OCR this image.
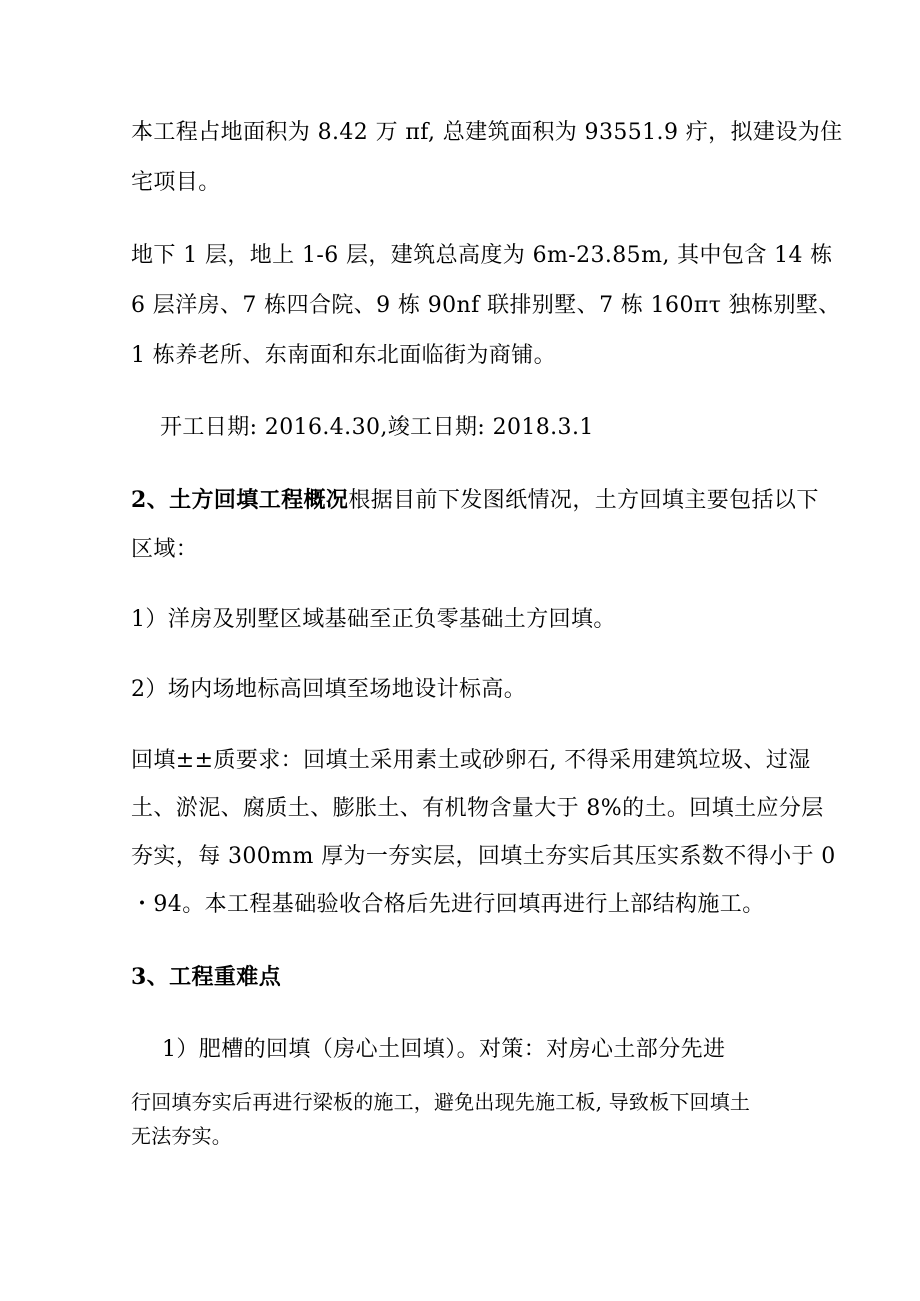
本工程占地面积为 8.42 万 πf, 总建筑面积为 93551.9 疔，拟建设为住
宅项目。
地下 1 层，地上 1-6 层，建筑总高度为 6m-23.85m, 其中包含 14 栋
6 层洋房、7 栋四合院、9 栋 90nf 联排别墅、7 栋 160πτ 独栋别墅、
1 栋养老所、东南面和东北面临街为商铺。
开工日期: 2016.4.30,竣工日期: 2018.3.1
2、土方回填工程概况根据目前下发图纸情况，土方回填主要包括以下
区域：
1）洋房及别墅区域基础至正负零基础土方回填。
2）场内场地标高回填至场地设计标高。
回填±±质要求：回填土采用素土或砂卵石, 不得采用建筑垃圾、过湿
土、淤泥、腐质土、膨胀土、有机物含量大于 8%的土。回填土应分层
夯实，每 300mm 厚为一夯实层，回填土夯实后其压实系数不得小于 0
・94。本工程基础验收合格后先进行回填再进行上部结构施工。
3、工程重难点
1）肥槽的回填（房心土回填）。对策：对房心土部分先进
行回填夯实后再进行梁板的施工，避免出现先施工板, 导致板下回填土
无法夯实。
